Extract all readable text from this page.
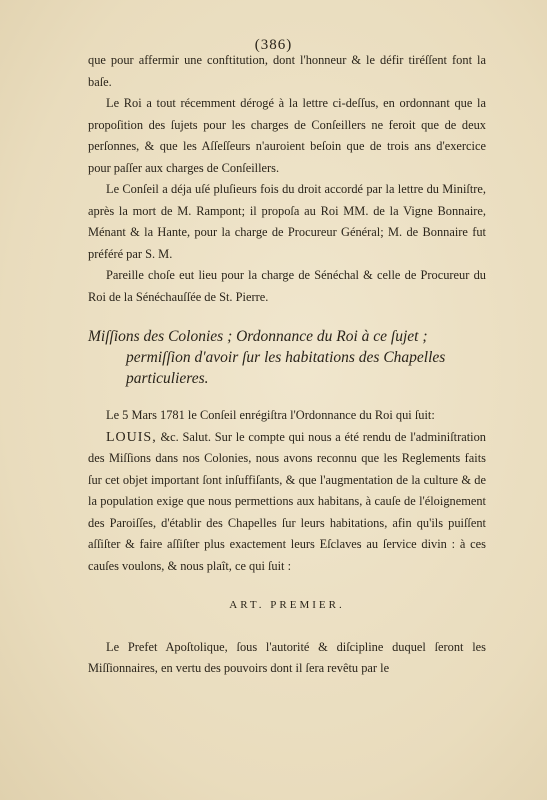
(386)

que pour affermir une conftitution, dont l'honneur & le défir tiréſſent font la baſe.

Le Roi a tout récemment dérogé à la lettre ci-deſſus, en ordonnant que la propoſition des ſujets pour les charges de Conſeillers ne feroit que de deux perſonnes, & que les Aſſeſſeurs n'auroient beſoin que de trois ans d'exercice pour paſſer aux charges de Conſeillers.

Le Conſeil a déja uſé pluſieurs fois du droit accordé par la lettre du Miniſtre, après la mort de M. Rampont; il propoſa au Roi MM. de la Vigne Bonnaire, Ménant & la Hante, pour la charge de Procureur Général; M. de Bonnaire fut préféré par S. M.

Pareille choſe eut lieu pour la charge de Sénéchal & celle de Procureur du Roi de la Sénéchauſſée de St. Pierre.

Miſſions des Colonies ; Ordonnance du Roi à ce ſujet ;
permiſſion d'avoir ſur les habitations des Chapelles particulieres.

Le 5 Mars 1781 le Conſeil enrégiſtra l'Ordonnance du Roi qui ſuit:

LOUIS, &c. Salut. Sur le compte qui nous a été rendu de l'adminiſtration des Miſſions dans nos Colonies, nous avons reconnu que les Reglements faits ſur cet objet important ſont inſuffiſants, & que l'augmentation de la culture & de la population exige que nous permettions aux habitans, à cauſe de l'éloignement des Paroiſſes, d'établir des Chapelles ſur leurs habitations, afin qu'ils puiſſent aſſiſter & faire aſſiſter plus exactement leurs Eſclaves au ſervice divin : à ces cauſes voulons, & nous plaît, ce qui ſuit :

ART. PREMIER.

Le Prefet Apoſtolique, ſous l'autorité & diſcipline duquel ſeront les Miſſionnaires, en vertu des pouvoirs dont il ſera revêtu par le
